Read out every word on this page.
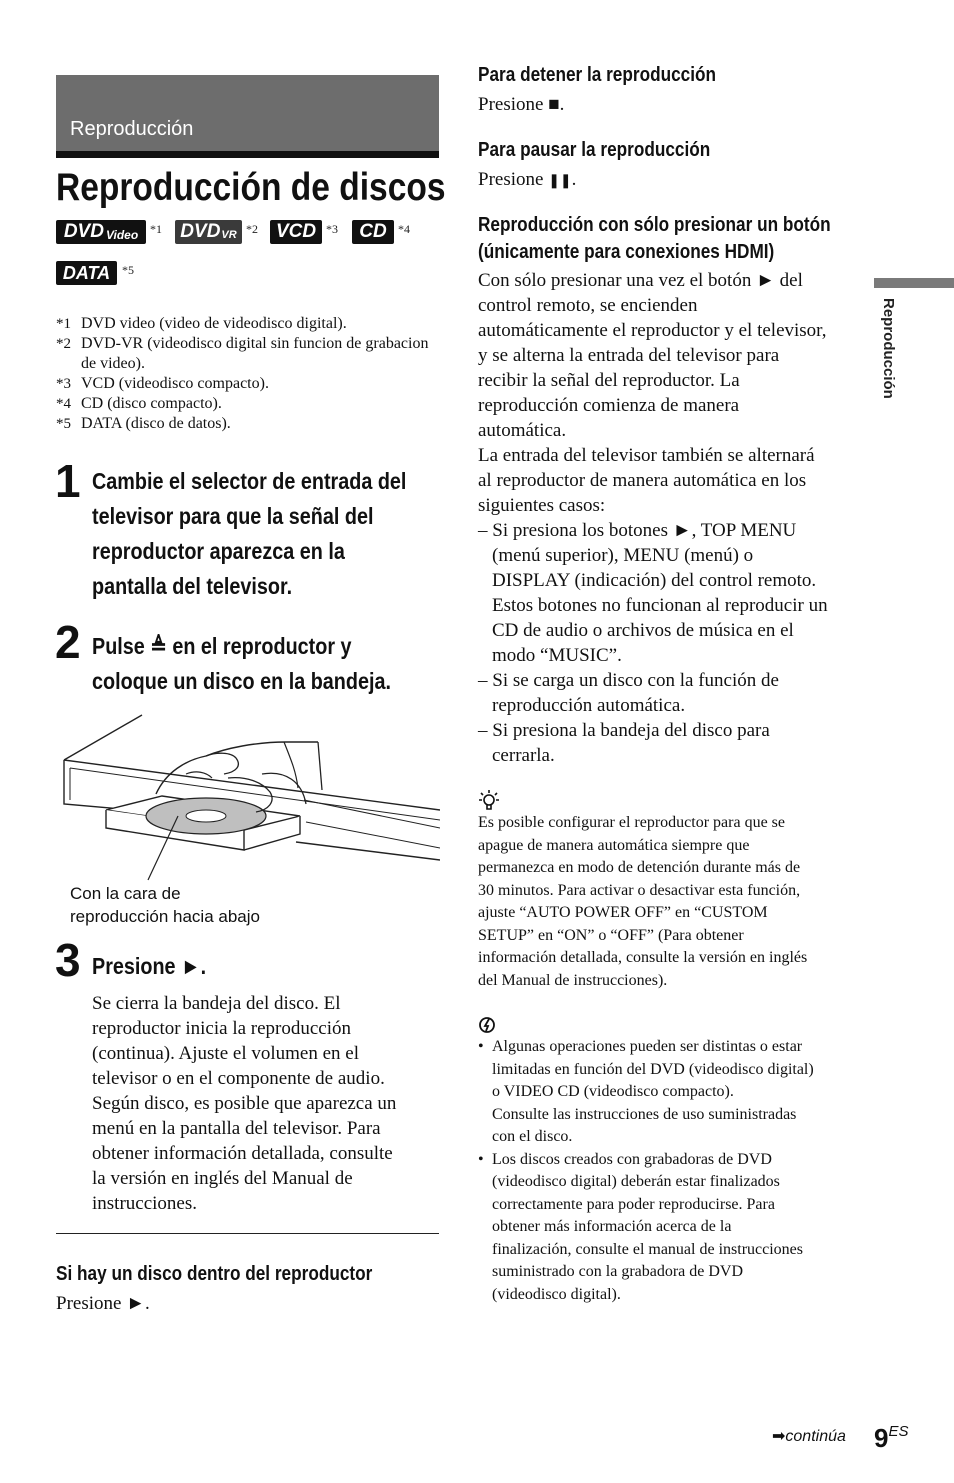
Reproducción
Reproducción de discos
DVD Video *1 DVD VR *2 VCD *3 CD *4
DATA *5
*1 DVD video (video de videodisco digital).
*2 DVD-VR (videodisco digital sin funcion de grabacion de video).
*3 VCD (videodisco compacto).
*4 CD (disco compacto).
*5 DATA (disco de datos).
1 Cambie el selector de entrada del
televisor para que la señal del
reproductor aparezca en la
pantalla del televisor.
2 Pulse ≜ en el reproductor y
coloque un disco en la bandeja.
Con la cara de
reproducción hacia abajo
3 Presione ►.
Se cierra la bandeja del disco. El
reproductor inicia la reproducción
(continua). Ajuste el volumen en el
televisor o en el componente de audio.
Según disco, es posible que aparezca un
menú en la pantalla del televisor. Para
obtener información detallada, consulte
la versión en inglés del Manual de
instrucciones.
Si hay un disco dentro del reproductor
Presione ►.
Para detener la reproducción
Presione ■.
Para pausar la reproducción
Presione ❚❚.
Reproducción con sólo presionar un botón
(únicamente para conexiones HDMI)
Con sólo presionar una vez el botón ► del
control remoto, se encienden
automáticamente el reproductor y el televisor,
y se alterna la entrada del televisor para
recibir la señal del reproductor. La
reproducción comienza de manera
automática.
La entrada del televisor también se alternará
al reproductor de manera automática en los
siguientes casos:
– Si presiona los botones ►, TOP MENU
(menú superior), MENU (menú) o
DISPLAY (indicación) del control remoto.
Estos botones no funcionan al reproducir un
CD de audio o archivos de música en el
modo “MUSIC”.
– Si se carga un disco con la función de
reproducción automática.
– Si presiona la bandeja del disco para
cerrarla.
Es posible configurar el reproductor para que se
apague de manera automática siempre que
permanezca en modo de detención durante más de
30 minutos. Para activar o desactivar esta función,
ajuste “AUTO POWER OFF” en “CUSTOM
SETUP” en “ON” o “OFF” (Para obtener
información detallada, consulte la versión en inglés
del Manual de instrucciones).
• Algunas operaciones pueden ser distintas o estar
limitadas en función del DVD (videodisco digital)
o VIDEO CD (videodisco compacto).
Consulte las instrucciones de uso suministradas
con el disco.
• Los discos creados con grabadoras de DVD
(videodisco digital) deberán estar finalizados
correctamente para poder reproducirse. Para
obtener más información acerca de la
finalización, consulte el manual de instrucciones
suministrado con la grabadora de DVD
(videodisco digital).
Reproducción
➡continúa 9ES
